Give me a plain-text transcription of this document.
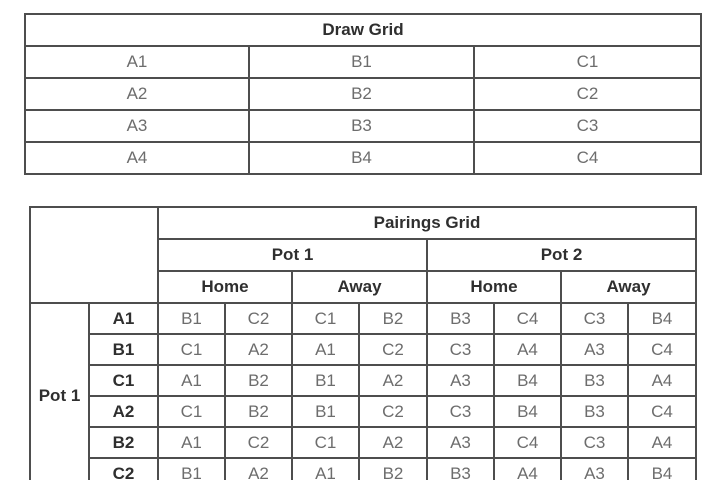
Draw Grid		
A1	B1	C1
A2	B2	C2
A3	B3	C3
A4	B4	C4
		Pairings Grid							
		Pot 1				Pot 2			
		Home		Away		Home		Away	
Pot 1	A1	B1	C2	C1	B2	B3	C4	C3	B4
	B1	C1	A2	A1	C2	C3	A4	A3	C4
	C1	A1	B2	B1	A2	A3	B4	B3	A4
	A2	C1	B2	B1	C2	C3	B4	B3	C4
	B2	A1	C2	C1	A2	A3	C4	C3	A4
	C2	B1	A2	A1	B2	B3	A4	A3	B4
